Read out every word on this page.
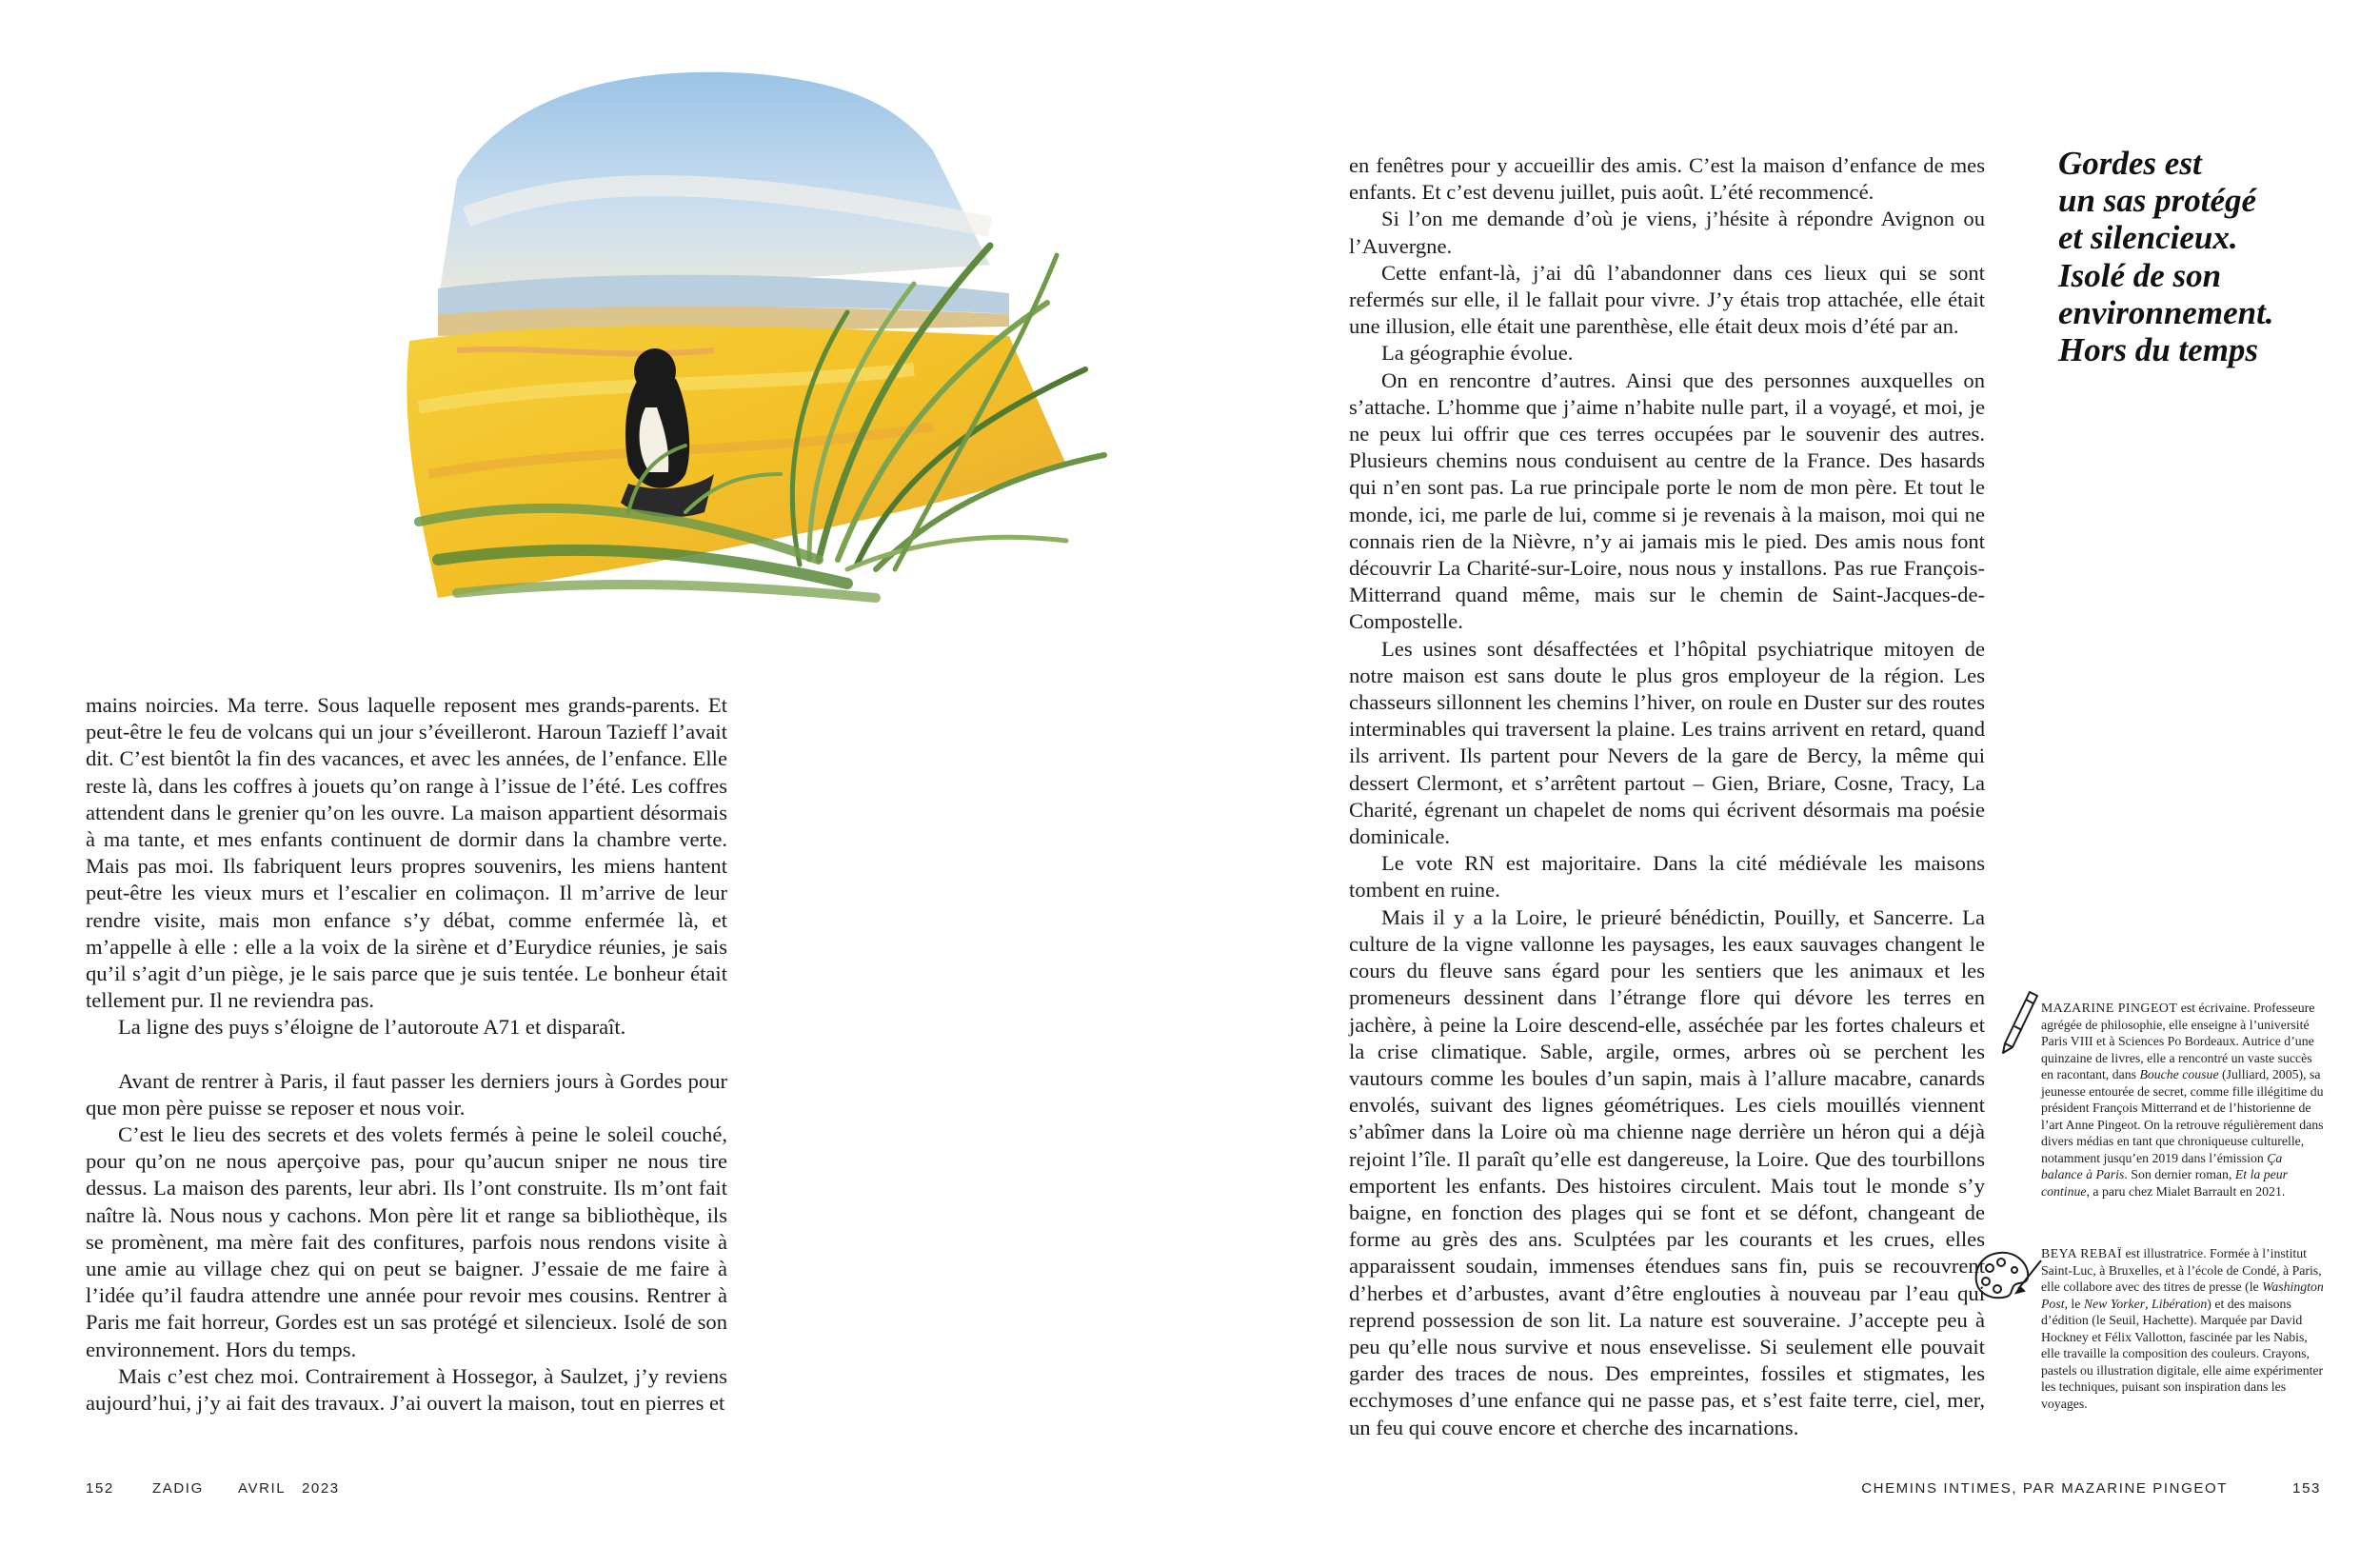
mains noircies. Ma terre. Sous laquelle reposent mes grands-parents. Et peut-être le feu de volcans qui un jour s’éveilleront. Haroun Tazieff l’avait dit. C’est bientôt la fin des vacances, et avec les années, de l’enfance. Elle reste là, dans les coffres à jouets qu’on range à l’issue de l’été. Les coffres attendent dans le grenier qu’on les ouvre. La maison appartient désormais à ma tante, et mes enfants continuent de dormir dans la chambre verte. Mais pas moi. Ils fabriquent leurs propres souvenirs, les miens hantent peut-être les vieux murs et l’escalier en colimaçon. Il m’arrive de leur rendre visite, mais mon enfance s’y débat, comme enfermée là, et m’appelle à elle : elle a la voix de la sirène et d’Eurydice réunies, je sais qu’il s’agit d’un piège, je le sais parce que je suis tentée. Le bonheur était tellement pur. Il ne reviendra pas.

La ligne des puys s’éloigne de l’autoroute A71 et disparaît.

Avant de rentrer à Paris, il faut passer les derniers jours à Gordes pour que mon père puisse se reposer et nous voir.

C’est le lieu des secrets et des volets fermés à peine le soleil couché, pour qu’on ne nous aperçoive pas, pour qu’aucun sniper ne nous tire dessus. La maison des parents, leur abri. Ils l’ont construite. Ils m’ont fait naître là. Nous nous y cachons. Mon père lit et range sa bibliothèque, ils se promènent, ma mère fait des confitures, parfois nous rendons visite à une amie au village chez qui on peut se baigner. J’essaie de me faire à l’idée qu’il faudra attendre une année pour revoir mes cousins. Rentrer à Paris me fait horreur, Gordes est un sas protégé et silencieux. Isolé de son environnement. Hors du temps.

Mais c’est chez moi. Contrairement à Hossegor, à Saulzet, j’y reviens aujourd’hui, j’y ai fait des travaux. J’ai ouvert la maison, tout en pierres et

en fenêtres pour y accueillir des amis. C’est la maison d’enfance de mes enfants. Et c’est devenu juillet, puis août. L’été recommencé.

Si l’on me demande d’où je viens, j’hésite à répondre Avignon ou l’Auvergne.

Cette enfant-là, j’ai dû l’abandonner dans ces lieux qui se sont refermés sur elle, il le fallait pour vivre. J’y étais trop attachée, elle était une illusion, elle était une parenthèse, elle était deux mois d’été par an.

La géographie évolue.

On en rencontre d’autres. Ainsi que des personnes auxquelles on s’attache. L’homme que j’aime n’habite nulle part, il a voyagé, et moi, je ne peux lui offrir que ces terres occupées par le souvenir des autres. Plusieurs chemins nous conduisent au centre de la France. Des hasards qui n’en sont pas. La rue principale porte le nom de mon père. Et tout le monde, ici, me parle de lui, comme si je revenais à la maison, moi qui ne connais rien de la Nièvre, n’y ai jamais mis le pied. Des amis nous font découvrir La Charité-sur-Loire, nous nous y installons. Pas rue François-Mitterrand quand même, mais sur le chemin de Saint-Jacques-de-Compostelle.

Les usines sont désaffectées et l’hôpital psychiatrique mitoyen de notre maison est sans doute le plus gros employeur de la région. Les chasseurs sillonnent les chemins l’hiver, on roule en Duster sur des routes interminables qui traversent la plaine. Les trains arrivent en retard, quand ils arrivent. Ils partent pour Nevers de la gare de Bercy, la même qui dessert Clermont, et s’arrêtent partout – Gien, Briare, Cosne, Tracy, La Charité, égrenant un chapelet de noms qui écrivent désormais ma poésie dominicale.

Le vote RN est majoritaire. Dans la cité médiévale les maisons tombent en ruine.

Mais il y a la Loire, le prieuré bénédictin, Pouilly, et Sancerre. La culture de la vigne vallonne les paysages, les eaux sauvages changent le cours du fleuve sans égard pour les sentiers que les animaux et les promeneurs dessinent dans l’étrange flore qui dévore les terres en jachère, à peine la Loire descend-elle, asséchée par les fortes chaleurs et la crise climatique. Sable, argile, ormes, arbres où se perchent les vautours comme les boules d’un sapin, mais à l’allure macabre, canards envolés, suivant des lignes géométriques. Les ciels mouillés viennent s’abîmer dans la Loire où ma chienne nage derrière un héron qui a déjà rejoint l’île. Il paraît qu’elle est dangereuse, la Loire. Que des tourbillons emportent les enfants. Des histoires circulent. Mais tout le monde s’y baigne, en fonction des plages qui se font et se défont, changeant de forme au grès des ans. Sculptées par les courants et les crues, elles apparaissent soudain, immenses étendues sans fin, puis se recouvrent d’herbes et d’arbustes, avant d’être englouties à nouveau par l’eau qui reprend possession de son lit. La nature est souveraine. J’accepte peu à peu qu’elle nous survive et nous ensevelisse. Si seulement elle pouvait garder des traces de nous. Des empreintes, fossiles et stigmates, les ecchymoses d’une enfance qui ne passe pas, et s’est faite terre, ciel, mer, un feu qui couve encore et cherche des incarnations.

Gordes est
un sas protégé
et silencieux.
Isolé de son
environnement.
Hors du temps
MAZARINE PINGEOT est écrivaine. Professeure agrégée de philosophie, elle enseigne à l’université Paris VIII et à Sciences Po Bordeaux. Autrice d’une quinzaine de livres, elle a rencontré un vaste succès en racontant, dans Bouche cousue (Julliard, 2005), sa jeunesse entourée de secret, comme fille illégitime du président François Mitterrand et de l’historienne de l’art Anne Pingeot. On la retrouve régulièrement dans divers médias en tant que chroniqueuse culturelle, notamment jusqu’en 2019 dans l’émission Ça balance à Paris. Son dernier roman, Et la peur continue, a paru chez Mialet Barrault en 2021.
BEYA REBAÏ est illustratrice. Formée à l’institut Saint-Luc, à Bruxelles, et à l’école de Condé, à Paris, elle collabore avec des titres de presse (le Washington Post, le New Yorker, Libération) et des maisons d’édition (le Seuil, Hachette). Marquée par David Hockney et Félix Vallotton, fascinée par les Nabis, elle travaille la composition des couleurs. Crayons, pastels ou illustration digitale, elle aime expérimenter les techniques, puisant son inspiration dans les voyages.
152	ZADIG AVRIL   2023	CHEMINS INTIMES, PAR MAZARINE PINGEOT	153
